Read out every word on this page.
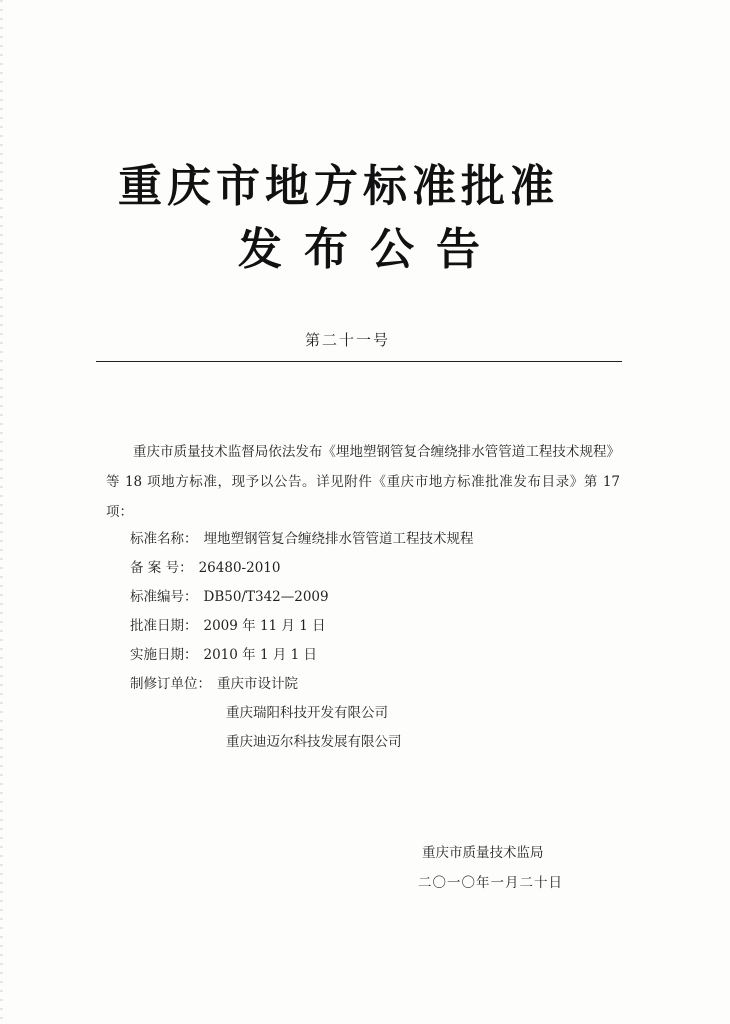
重庆市地方标准批准
发布公告
第二十一号

重庆市质量技术监督局依法发布《埋地塑钢管复合缠绕排水管管道工程技术规程》等 18 项地方标准，现予以公告。详见附件《重庆市地方标准批准发布目录》第 17 项：

标准名称： 埋地塑钢管复合缠绕排水管管道工程技术规程
备 案 号： 26480-2010
标准编号： DB50/T342—2009
批准日期： 2009 年 11 月 1 日
实施日期： 2010 年 1 月 1 日
制修订单位： 重庆市设计院
重庆瑞阳科技开发有限公司
重庆迪迈尔科技发展有限公司
重庆市质量技术监局
二〇一〇年一月二十日
